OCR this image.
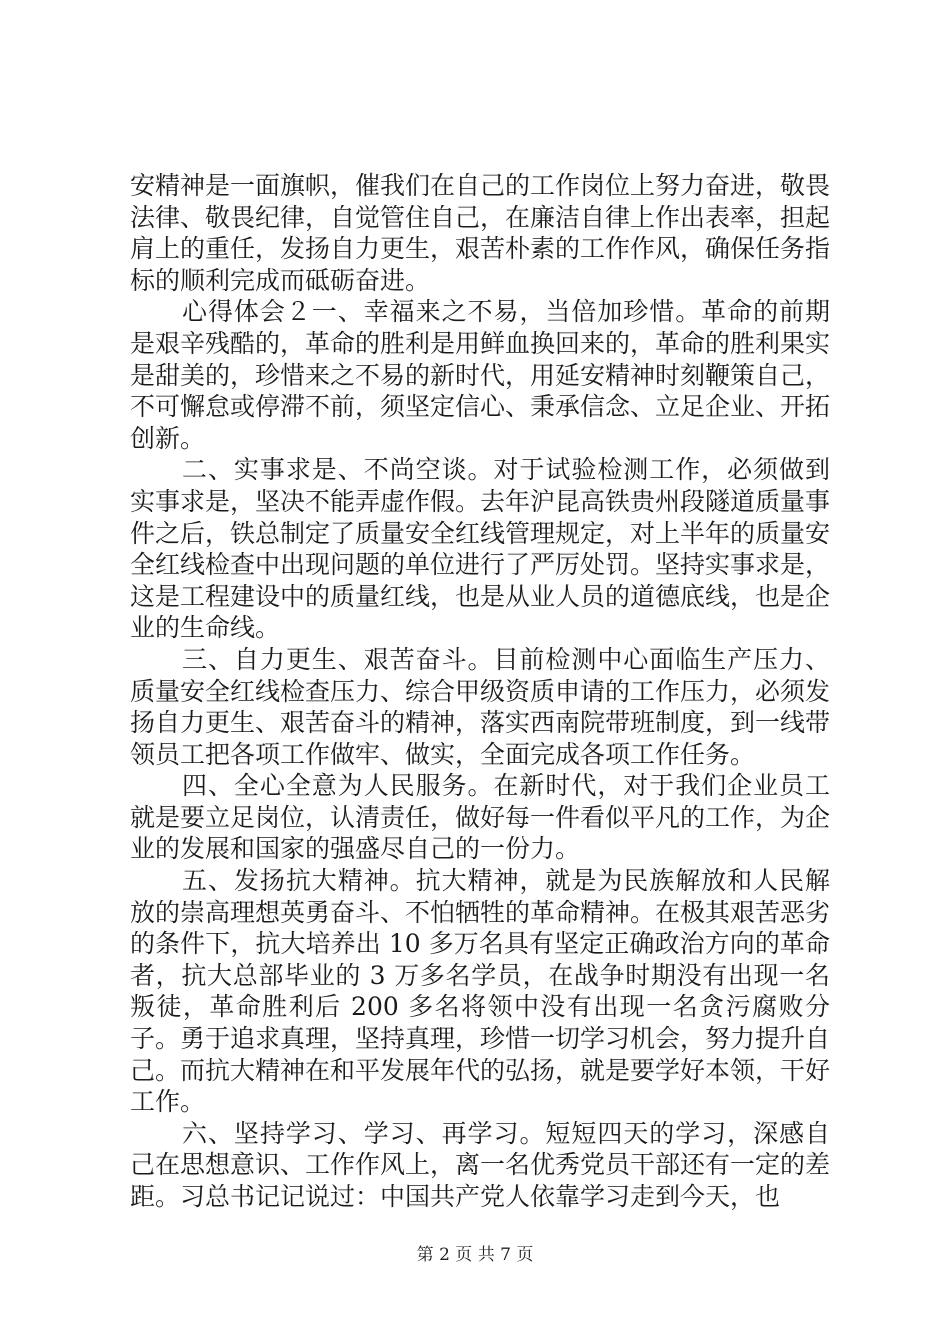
安精神是一面旗帜，催我们在自己的工作岗位上努力奋进，敬畏法律、敬畏纪律，自觉管住自己，在廉洁自律上作出表率，担起肩上的重任，发扬自力更生，艰苦朴素的工作作风，确保任务指标的顺利完成而砥砺奋进。

心得体会２一、幸福来之不易，当倍加珍惜。革命的前期是艰辛残酷的，革命的胜利是用鲜血换回来的，革命的胜利果实是甜美的，珍惜来之不易的新时代，用延安精神时刻鞭策自己，不可懈怠或停滞不前，须坚定信心、秉承信念、立足企业、开拓创新。

二、实事求是、不尚空谈。对于试验检测工作，必须做到实事求是，坚决不能弄虚作假。去年沪昆高铁贵州段隧道质量事件之后，铁总制定了质量安全红线管理规定，对上半年的质量安全红线检查中出现问题的单位进行了严厉处罚。坚持实事求是，这是工程建设中的质量红线，也是从业人员的道德底线，也是企业的生命线。

三、自力更生、艰苦奋斗。目前检测中心面临生产压力、质量安全红线检查压力、综合甲级资质申请的工作压力，必须发扬自力更生、艰苦奋斗的精神，落实西南院带班制度，到一线带领员工把各项工作做牢、做实，全面完成各项工作任务。

四、全心全意为人民服务。在新时代，对于我们企业员工就是要立足岗位，认清责任，做好每一件看似平凡的工作，为企业的发展和国家的强盛尽自己的一份力。

五、发扬抗大精神。抗大精神，就是为民族解放和人民解放的崇高理想英勇奋斗、不怕牺牲的革命精神。在极其艰苦恶劣的条件下，抗大培养出 10 多万名具有坚定正确政治方向的革命者，抗大总部毕业的 3 万多名学员，在战争时期没有出现一名叛徒，革命胜利后 200 多名将领中没有出现一名贪污腐败分子。勇于追求真理，坚持真理，珍惜一切学习机会，努力提升自己。而抗大精神在和平发展年代的弘扬，就是要学好本领，干好工作。

六、坚持学习、学习、再学习。短短四天的学习，深感自己在思想意识、工作作风上，离一名优秀党员干部还有一定的差距。习总书记记说过：中国共产党人依靠学习走到今天，也

第 2 页 共 7 页
